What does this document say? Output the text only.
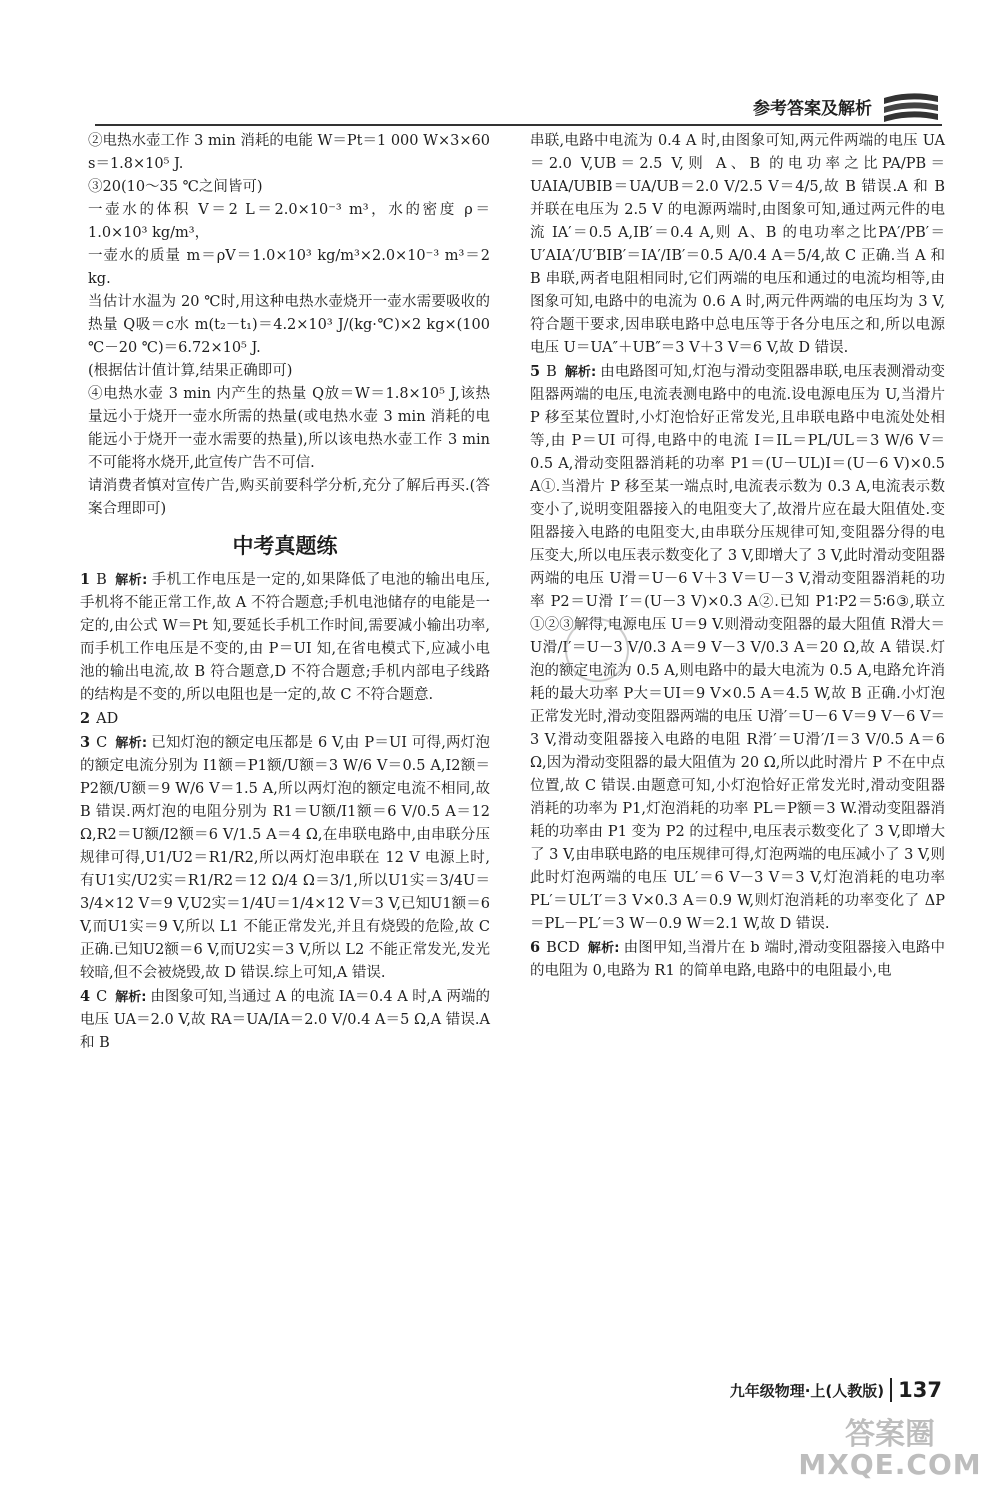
参考答案及解析

②电热水壶工作 3 min 消耗的电能 W＝Pt＝1 000 W×3×60 s＝1.8×10⁵ J.

③20(10～35 ℃之间皆可)

一壶水的体积 V＝2 L＝2.0×10⁻³ m³，水的密度 ρ＝1.0×10³ kg/m³，

一壶水的质量 m＝ρV＝1.0×10³ kg/m³×2.0×10⁻³ m³＝2 kg.

当估计水温为 20 ℃时,用这种电热水壶烧开一壶水需要吸收的热量 Q吸＝c水 m(t₂－t₁)＝4.2×10³ J/(kg·℃)×2 kg×(100 ℃－20 ℃)＝6.72×10⁵ J.

(根据估计值计算,结果正确即可)

④电热水壶 3 min 内产生的热量 Q放＝W＝1.8×10⁵ J,该热量远小于烧开一壶水所需的热量(或电热水壶 3 min 消耗的电能远小于烧开一壶水需要的热量),所以该电热水壶工作 3 min 不可能将水烧开,此宣传广告不可信.

请消费者慎对宣传广告,购买前要科学分析,充分了解后再买.(答案合理即可)

中考真题练

1 B 解析: 手机工作电压是一定的,如果降低了电池的输出电压,手机将不能正常工作,故 A 不符合题意;手机电池储存的电能是一定的,由公式 W＝Pt 知,要延长手机工作时间,需要减小输出功率,而手机工作电压是不变的,由 P＝UI 知,在省电模式下,应减小电池的输出电流,故 B 符合题意,D 不符合题意;手机内部电子线路的结构是不变的,所以电阻也是一定的,故 C 不符合题意.

2 AD

3 C 解析: 已知灯泡的额定电压都是 6 V,由 P＝UI 可得,两灯泡的额定电流分别为 I1额＝P1额/U额＝3 W/6 V＝0.5 A,I2额＝P2额/U额＝9 W/6 V＝1.5 A,所以两灯泡的额定电流不相同,故 B 错误.两灯泡的电阻分别为 R1＝U额/I1额＝6 V/0.5 A＝12 Ω,R2＝U额/I2额＝6 V/1.5 A＝4 Ω,在串联电路中,由串联分压规律可得,U1/U2＝R1/R2,所以两灯泡串联在 12 V 电源上时,有U1实/U2实＝R1/R2＝12 Ω/4 Ω＝3/1,所以U1实＝3/4U＝3/4×12 V＝9 V,U2实＝1/4U＝1/4×12 V＝3 V,已知U1额＝6 V,而U1实＝9 V,所以 L1 不能正常发光,并且有烧毁的危险,故 C 正确.已知U2额＝6 V,而U2实＝3 V,所以 L2 不能正常发光,发光较暗,但不会被烧毁,故 D 错误.综上可知,A 错误.

4 C 解析: 由图象可知,当通过 A 的电流 IA＝0.4 A 时,A 两端的电压 UA＝2.0 V,故 RA＝UA/IA＝2.0 V/0.4 A＝5 Ω,A 错误.A 和 B

串联,电路中电流为 0.4 A 时,由图象可知,两元件两端的电压 UA＝2.0 V,UB＝2.5 V,则 A、B 的电功率之比PA/PB＝UAIA/UBIB＝UA/UB＝2.0 V/2.5 V＝4/5,故 B 错误.A 和 B 并联在电压为 2.5 V 的电源两端时,由图象可知,通过两元件的电流 IA′＝0.5 A,IB′＝0.4 A,则 A、B 的电功率之比PA′/PB′＝U′AIA′/U′BIB′＝IA′/IB′＝0.5 A/0.4 A＝5/4,故 C 正确.当 A 和 B 串联,两者电阻相同时,它们两端的电压和通过的电流均相等,由图象可知,电路中的电流为 0.6 A 时,两元件两端的电压均为 3 V,符合题干要求,因串联电路中总电压等于各分电压之和,所以电源电压 U＝UA″＋UB″＝3 V＋3 V＝6 V,故 D 错误.

5 B 解析: 由电路图可知,灯泡与滑动变阻器串联,电压表测滑动变阻器两端的电压,电流表测电路中的电流.设电源电压为 U,当滑片 P 移至某位置时,小灯泡恰好正常发光,且串联电路中电流处处相等,由 P＝UI 可得,电路中的电流 I＝IL＝PL/UL＝3 W/6 V＝0.5 A,滑动变阻器消耗的功率 P1＝(U－UL)I＝(U－6 V)×0.5 A①.当滑片 P 移至某一端点时,电流表示数为 0.3 A,电流表示数变小了,说明变阻器接入的电阻变大了,故滑片应在最大阻值处.变阻器接入电路的电阻变大,由串联分压规律可知,变阻器分得的电压变大,所以电压表示数变化了 3 V,即增大了 3 V,此时滑动变阻器两端的电压 U滑＝U－6 V＋3 V＝U－3 V,滑动变阻器消耗的功率 P2＝U滑 I′＝(U－3 V)×0.3 A②.已知 P1∶P2＝5∶6③,联立①②③解得,电源电压 U＝9 V.则滑动变阻器的最大阻值 R滑大＝U滑/I′＝U－3 V/0.3 A＝9 V－3 V/0.3 A＝20 Ω,故 A 错误.灯泡的额定电流为 0.5 A,则电路中的最大电流为 0.5 A,电路允许消耗的最大功率 P大＝UI＝9 V×0.5 A＝4.5 W,故 B 正确.小灯泡正常发光时,滑动变阻器两端的电压 U滑′＝U－6 V＝9 V－6 V＝3 V,滑动变阻器接入电路的电阻 R滑′＝U滑′/I＝3 V/0.5 A＝6 Ω,因为滑动变阻器的最大阻值为 20 Ω,所以此时滑片 P 不在中点位置,故 C 错误.由题意可知,小灯泡恰好正常发光时,滑动变阻器消耗的功率为 P1,灯泡消耗的功率 PL＝P额＝3 W.滑动变阻器消耗的功率由 P1 变为 P2 的过程中,电压表示数变化了 3 V,即增大了 3 V,由串联电路的电压规律可得,灯泡两端的电压减小了 3 V,则此时灯泡两端的电压 UL′＝6 V－3 V＝3 V,灯泡消耗的电功率 PL′＝UL′I′＝3 V×0.3 A＝0.9 W,则灯泡消耗的功率变化了 ΔP＝PL－PL′＝3 W－0.9 W＝2.1 W,故 D 错误.

6 BCD 解析: 由图甲知,当滑片在 b 端时,滑动变阻器接入电路中的电阻为 0,电路为 R1 的简单电路,电路中的电阻最小,电

九年级物理·上(人教版) 137
答案圈
MXQE.COM
